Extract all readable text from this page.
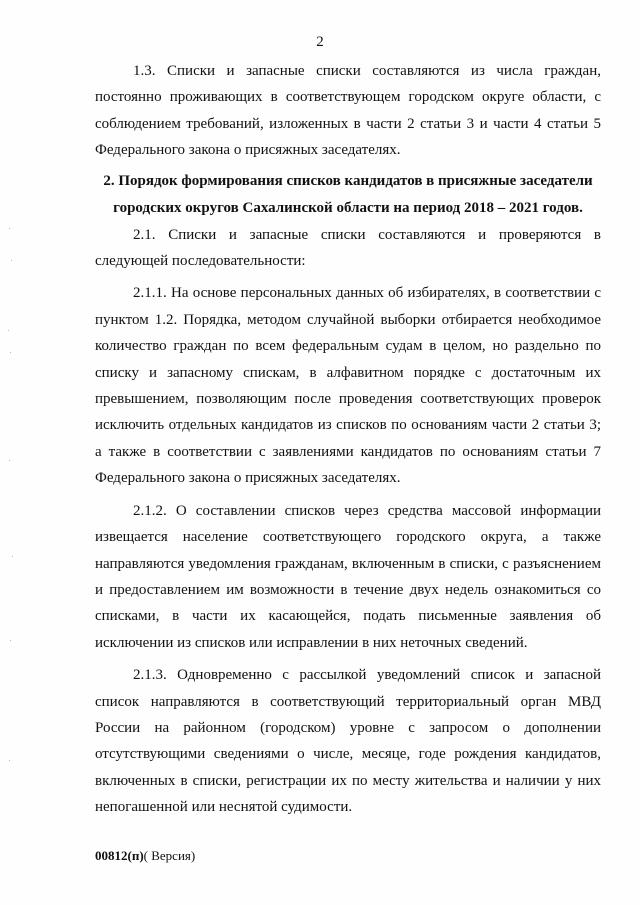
2

1.3. Списки и запасные списки составляются из числа граждан, постоянно проживающих в соответствующем городском округе области, с соблюдением требований, изложенных в части 2 статьи 3 и части 4 статьи 5 Федерального закона о присяжных заседателях.

2. Порядок формирования списков кандидатов в присяжные заседатели городских округов Сахалинской области на период 2018 – 2021 годов.

2.1. Списки и запасные списки составляются и проверяются в следующей последовательности:

2.1.1. На основе персональных данных об избирателях, в соответствии с пунктом 1.2. Порядка, методом случайной выборки отбирается необходимое количество граждан по всем федеральным судам в целом, но раздельно по списку и запасному спискам, в алфавитном порядке с достаточным их превышением, позволяющим после проведения соответствующих проверок исключить отдельных кандидатов из списков по основаниям части 2 статьи 3; а также в соответствии с заявлениями кандидатов по основаниям статьи 7 Федерального закона о присяжных заседателях.

2.1.2. О составлении списков через средства массовой информации извещается население соответствующего городского округа, а также направляются уведомления гражданам, включенным в списки, с разъяснением и предоставлением им возможности в течение двух недель ознакомиться со списками, в части их касающейся, подать письменные заявления об исключении из списков или исправлении в них неточных сведений.

2.1.3. Одновременно с рассылкой уведомлений список и запасной список направляются в соответствующий территориальный орган МВД России на районном (городском) уровне с запросом о дополнении отсутствующими сведениями о числе, месяце, годе рождения кандидатов, включенных в списки, регистрации их по месту жительства и наличии у них непогашенной или неснятой судимости.

00812(п)( Версия)
